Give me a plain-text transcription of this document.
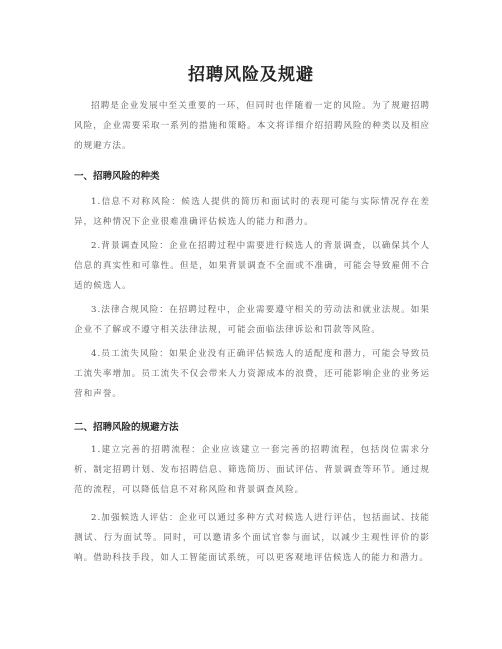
招聘风险及规避

招聘是企业发展中至关重要的一环，但同时也伴随着一定的风险。为了规避招聘风险，企业需要采取一系列的措施和策略。本文将详细介绍招聘风险的种类以及相应的规避方法。

一、招聘风险的种类

1.信息不对称风险：候选人提供的简历和面试时的表现可能与实际情况存在差异，这种情况下企业很难准确评估候选人的能力和潜力。

2.背景调查风险：企业在招聘过程中需要进行候选人的背景调查，以确保其个人信息的真实性和可靠性。但是，如果背景调查不全面或不准确，可能会导致雇佣不合适的候选人。

3.法律合规风险：在招聘过程中，企业需要遵守相关的劳动法和就业法规。如果企业不了解或不遵守相关法律法规，可能会面临法律诉讼和罚款等风险。

4.员工流失风险：如果企业没有正确评估候选人的适配度和潜力，可能会导致员工流失率增加。员工流失不仅会带来人力资源成本的浪费，还可能影响企业的业务运营和声誉。

二、招聘风险的规避方法

1.建立完善的招聘流程：企业应该建立一套完善的招聘流程，包括岗位需求分析、制定招聘计划、发布招聘信息、筛选简历、面试评估、背景调查等环节。通过规范的流程，可以降低信息不对称风险和背景调查风险。

2.加强候选人评估：企业可以通过多种方式对候选人进行评估，包括面试、技能测试、行为面试等。同时，可以邀请多个面试官参与面试，以减少主观性评价的影响。借助科技手段，如人工智能面试系统，可以更客观地评估候选人的能力和潜力。
